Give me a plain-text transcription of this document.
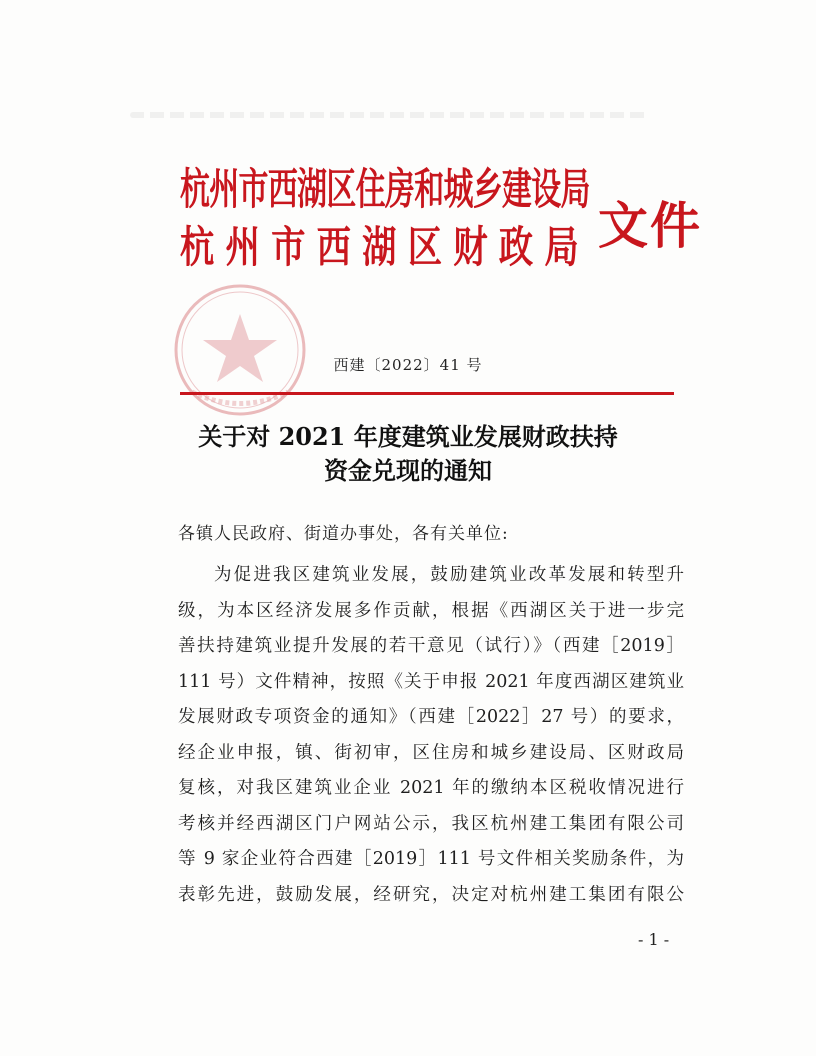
杭州市西湖区住房和城乡建设局
杭州市西湖区财政局 文件
西建〔2022〕41 号
关于对 2021 年度建筑业发展财政扶持
资金兑现的通知
各镇人民政府、街道办事处，各有关单位:
为促进我区建筑业发展，鼓励建筑业改革发展和转型升
级，为本区经济发展多作贡献，根据《西湖区关于进一步完
善扶持建筑业提升发展的若干意见（试行）》（西建［2019］
111 号）文件精神，按照《关于申报 2021 年度西湖区建筑业
发展财政专项资金的通知》（西建［2022］27 号）的要求，
经企业申报，镇、街初审，区住房和城乡建设局、区财政局
复核，对我区建筑业企业 2021 年的缴纳本区税收情况进行
考核并经西湖区门户网站公示，我区杭州建工集团有限公司
等 9 家企业符合西建［2019］111 号文件相关奖励条件，为
表彰先进，鼓励发展，经研究，决定对杭州建工集团有限公
- 1 -
